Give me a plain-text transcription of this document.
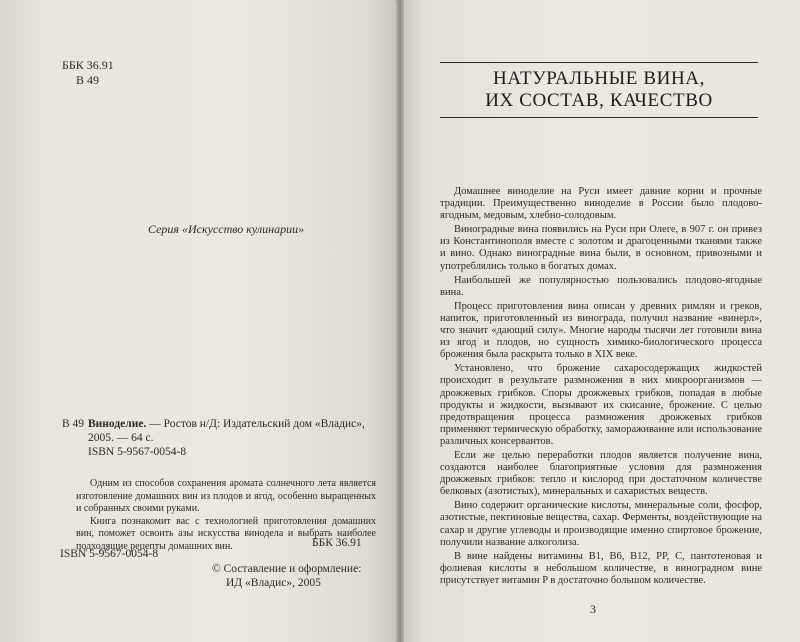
ББК 36.91
В 49
Серия «Искусство кулинарии»
В 49 Виноделие. — Ростов н/Д: Издательский дом «Владис»,
2005. — 64 с.
ISBN 5-9567-0054-8

Одним из способов сохранения аромата солнечного лета является изготовление домашних вин из плодов и ягод, особенно выращенных и собранных своими руками.

Книга познакомит вас с технологией приготовления домашних вин, поможет освоить азы искусства винодела и выбрать наиболее подходящие рецепты домашних вин.	ББК 36.91
ISBN 5-9567-0054-8
© Составление и оформление:
ИД «Владис», 2005
НАТУРАЛЬНЫЕ ВИНА,
ИХ СОСТАВ, КАЧЕСТВО

Домашнее виноделие на Руси имеет давние корни и прочные традиции. Преимущественно виноделие в России было плодово-ягодным, медовым, хлебно-солодовым.

Виноградные вина появились на Руси при Олеге, в 907 г. он привез из Константинополя вместе с золотом и драгоценными тканями также и вино. Однако виноградные вина были, в основном, привозными и употреблялись только в богатых домах.

Наибольшей же популярностью пользовались плодово-ягодные вина.

Процесс приготовления вина описан у древних римлян и греков, напиток, приготовленный из винограда, получил название «винерл», что значит «дающий силу». Многие народы тысячи лет готовили вина из ягод и плодов, но сущность химико-биологического процесса брожения была раскрыта только в XIX веке.

Установлено, что брожение сахаросодержащих жидкостей происходит в результате размножения в них микроорганизмов — дрожжевых грибков. Споры дрожжевых грибков, попадая в любые продукты и жидкости, вызывают их скисание, брожение. С целью предотвращения процесса размножения дрожжевых грибков применяют термическую обработку, замораживание или использование различных консервантов.

Если же целью переработки плодов является получение вина, создаются наиболее благоприятные условия для размножения дрожжевых грибков: тепло и кислород при достаточном количестве белковых (азотистых), минеральных и сахаристых веществ.

Вино содержит органические кислоты, минеральные соли, фосфор, азотистые, пектиновые вещества, сахар. Ферменты, воздействующие на сахар и другие углеводы и производящие именно спиртовое брожение, получили название алкоголиза.

В вине найдены витамины B1, B6, B12, PP, C, пантотеновая и фолиевая кислоты в небольшом количестве, в виноградном вине присутствует витамин P в достаточно большом количестве.

3
